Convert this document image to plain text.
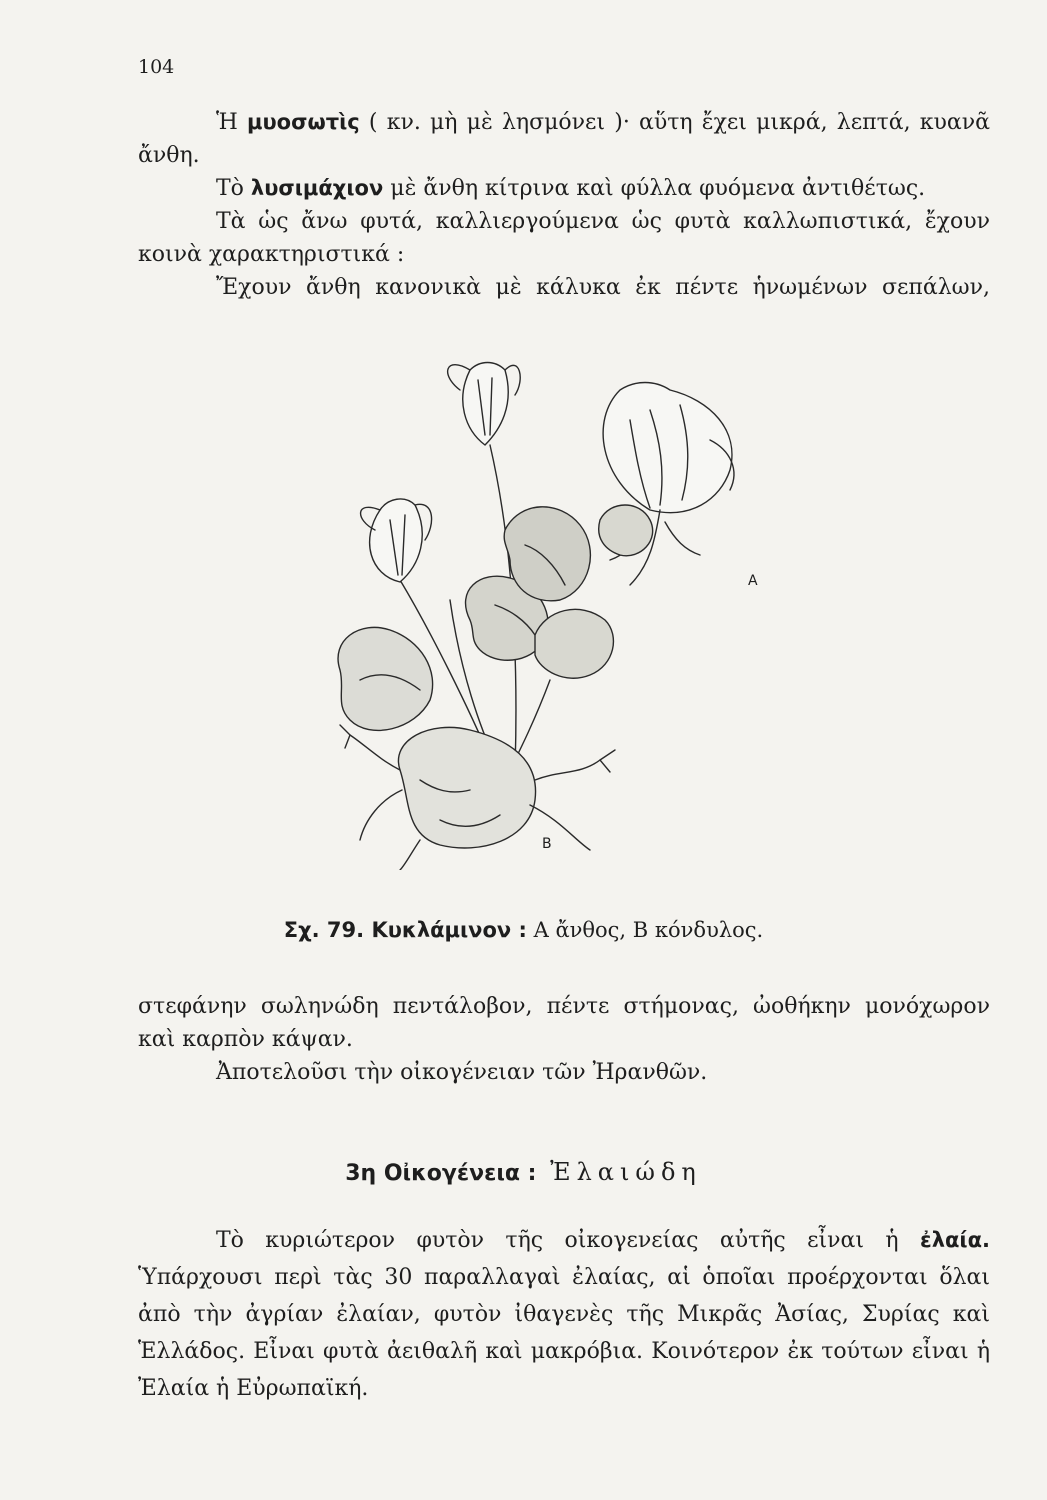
104

Ἡ μυοσωτὶς ( κν. μὴ μὲ λησμόνει )· αὕτη ἔχει μικρά, λεπτά, κυανᾶ ἄνθη.

Τὸ λυσιμάχιον μὲ ἄνθη κίτρινα καὶ φύλλα φυόμενα ἀντιθέτως.

Τὰ ὡς ἄνω φυτά, καλλιεργούμενα ὡς φυτὰ καλλωπιστικά, ἔχουν κοινὰ χαρακτηριστικά :

Ἔχουν ἄνθη κανονικὰ μὲ κάλυκα ἐκ πέντε ἡνωμένων σεπάλων,

A
B
Σχ. 79. Κυκλάμινον : A ἄνθος, B κόνδυλος.

στεφάνην σωληνώδη πεντάλοβον, πέντε στήμονας, ὠοθήκην μονόχωρον καὶ καρπὸν κάψαν.

Ἀποτελοῦσι τὴν οἰκογένειαν τῶν Ἠρανθῶν.

3η Οἰκογένεια : Ἐλαιώδη

Τὸ κυριώτερον φυτὸν τῆς οἰκογενείας αὐτῆς εἶναι ἡ ἐλαία. Ὑπάρχουσι περὶ τὰς 30 παραλλαγαὶ ἐλαίας, αἱ ὁποῖαι προέρχονται ὅλαι ἀπὸ τὴν ἀγρίαν ἐλαίαν, φυτὸν ἰθαγενὲς τῆς Μικρᾶς Ἀσίας, Συρίας καὶ Ἑλλάδος. Εἶναι φυτὰ ἀειθαλῆ καὶ μακρόβια. Κοινότερον ἐκ τούτων εἶναι ἡ Ἐλαία ἡ Εὐρωπαϊκή.
